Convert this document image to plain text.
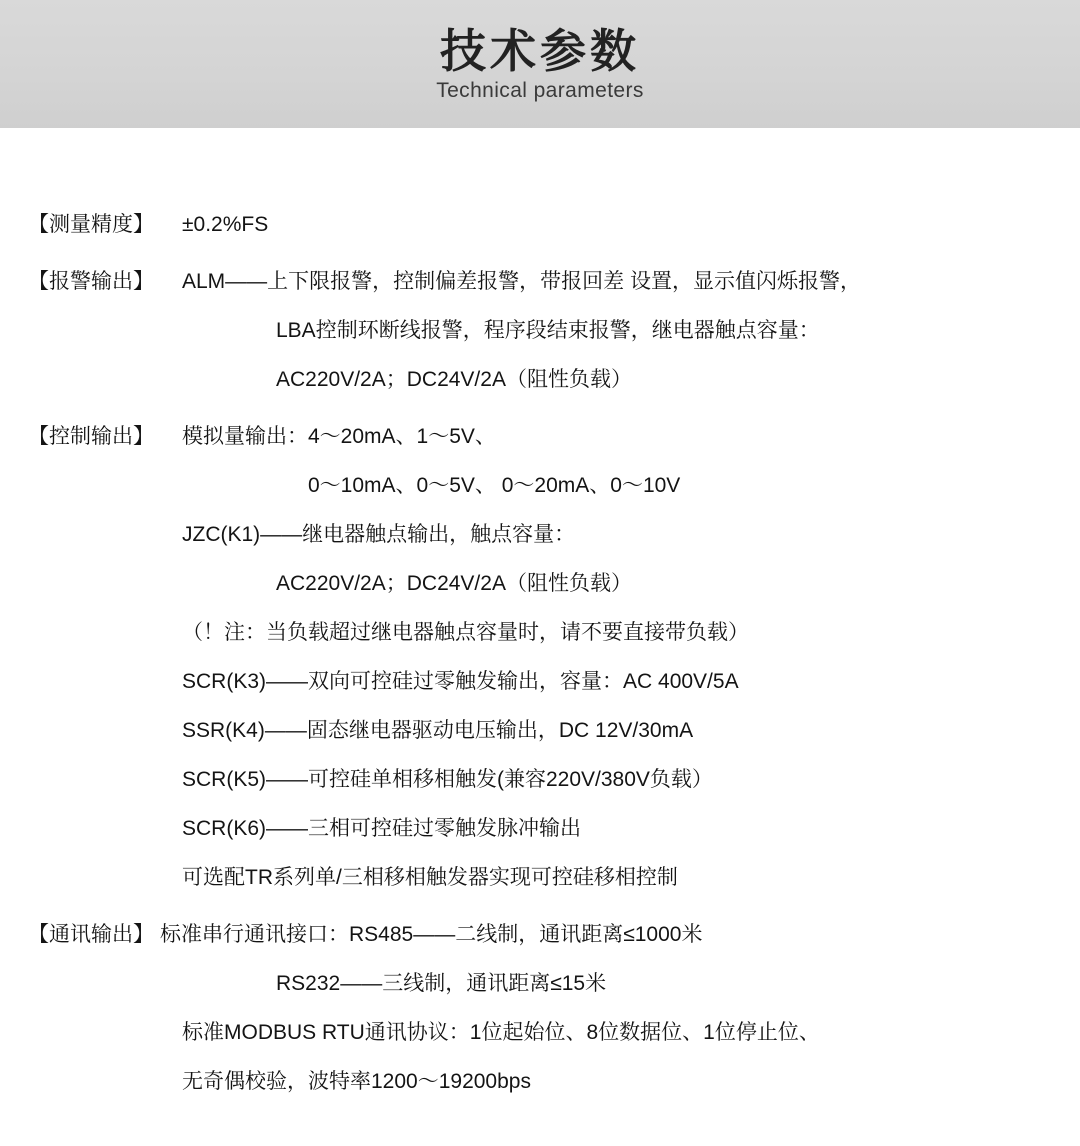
技术参数
Technical parameters
【测量精度】	±0.2%FS
【报警输出】	ALM——上下限报警，控制偏差报警，带报回差 设置，显示值闪烁报警，
LBA控制环断线报警，程序段结束报警，继电器触点容量：
AC220V/2A；DC24V/2A（阻性负载）
【控制输出】	模拟量输出：4～20mA、1～5V、
0～10mA、0～5V、 0～20mA、0～10V
JZC(K1)——继电器触点输出，触点容量：
AC220V/2A；DC24V/2A（阻性负载）
（！注：当负载超过继电器触点容量时，请不要直接带负载）
SCR(K3)——双向可控硅过零触发输出，容量：AC 400V/5A
SSR(K4)——固态继电器驱动电压输出，DC 12V/30mA
SCR(K5)——可控硅单相移相触发(兼容220V/380V负载）
SCR(K6)——三相可控硅过零触发脉冲输出
可选配TR系列单/三相移相触发器实现可控硅移相控制
【通讯输出】 标准串行通讯接口：RS485——二线制，通讯距离≤1000米
RS232——三线制，通讯距离≤15米
标准MODBUS RTU通讯协议：1位起始位、8位数据位、1位停止位、
无奇偶校验，波特率1200～19200bps
